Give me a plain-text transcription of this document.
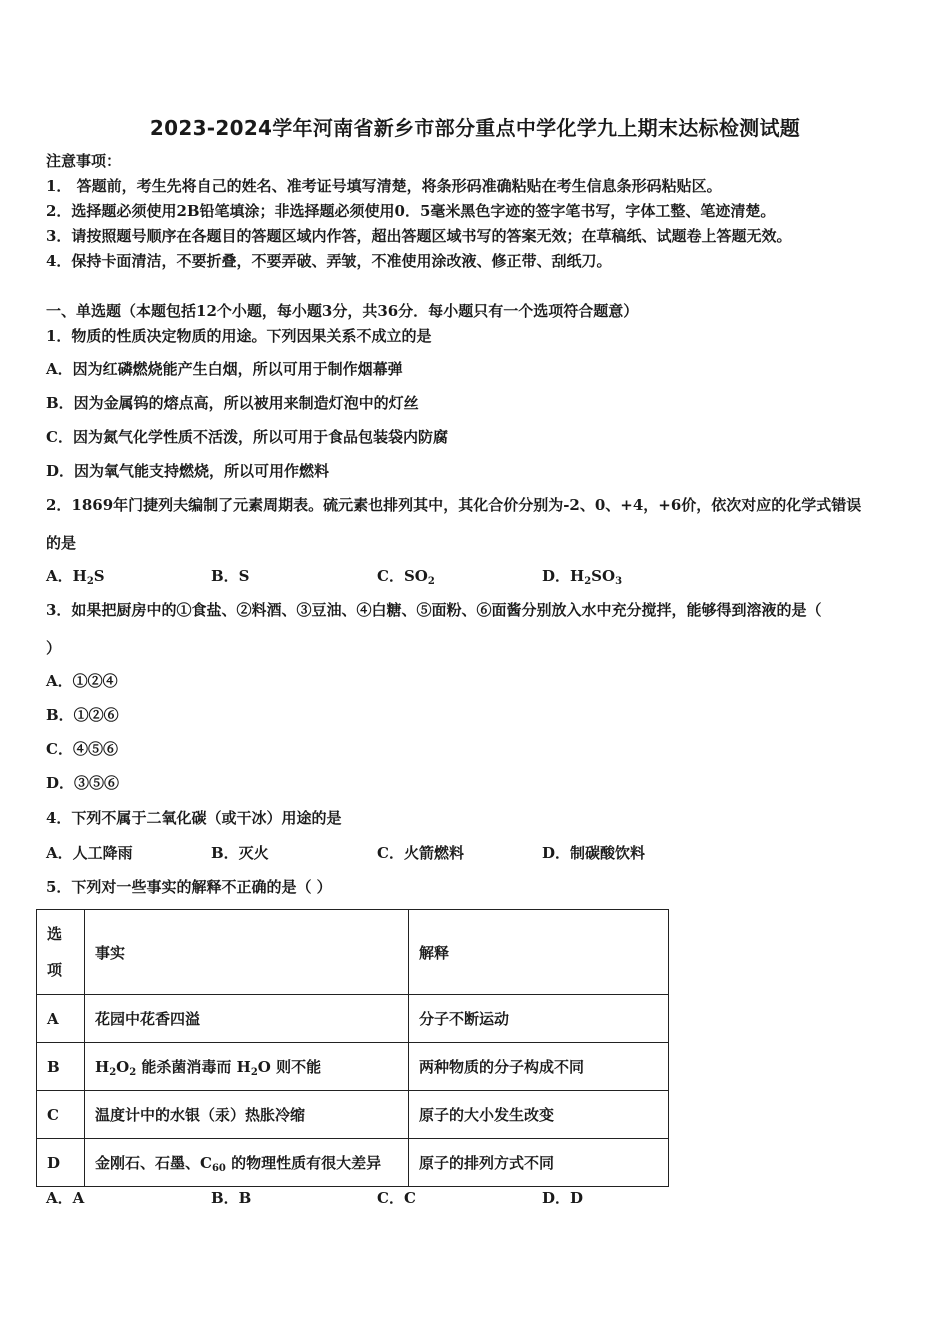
2023-2024学年河南省新乡市部分重点中学化学九上期末达标检测试题
注意事项：
1． 答题前，考生先将自己的姓名、准考证号填写清楚，将条形码准确粘贴在考生信息条形码粘贴区。
2．选择题必须使用2B铅笔填涂；非选择题必须使用0．5毫米黑色字迹的签字笔书写，字体工整、笔迹清楚。
3．请按照题号顺序在各题目的答题区域内作答，超出答题区域书写的答案无效；在草稿纸、试题卷上答题无效。
4．保持卡面清洁，不要折叠，不要弄破、弄皱，不准使用涂改液、修正带、刮纸刀。
一、单选题（本题包括12个小题，每小题3分，共36分．每小题只有一个选项符合题意）
1．物质的性质决定物质的用途。下列因果关系不成立的是
A．因为红磷燃烧能产生白烟，所以可用于制作烟幕弹
B．因为金属钨的熔点高，所以被用来制造灯泡中的灯丝
C．因为氮气化学性质不活泼，所以可用于食品包装袋内防腐
D．因为氧气能支持燃烧，所以可用作燃料
2．1869年门捷列夫编制了元素周期表。硫元素也排列其中，其化合价分别为-2、0、+4，+6价，依次对应的化学式错误
的是
A．$H_2S$	B．S	C．$SO_2$	D．$H_2SO_3$
3．如果把厨房中的①食盐、②料酒、③豆油、④白糖、⑤面粉、⑥面酱分别放入水中充分搅拌，能够得到溶液的是（
）
A．①②④
B．①②⑥
C．④⑤⑥
D．③⑤⑥
4．下列不属于二氧化碳（或干冰）用途的是
A．人工降雨	B．灭火	C．火箭燃料	D．制碳酸饮料
5．下列对一些事实的解释不正确的是（ ）
选
项	事实	解释
A	花园中花香四溢	分子不断运动
B	$H_2O_2$ 能杀菌消毒而 $H_2O$ 则不能	两种物质的分子构成不同
C	温度计中的水银（汞）热胀冷缩	原子的大小发生改变
D	金刚石、石墨、$C_{60}$ 的物理性质有很大差异	原子的排列方式不同
A．A	B．B	C．C	D．D
